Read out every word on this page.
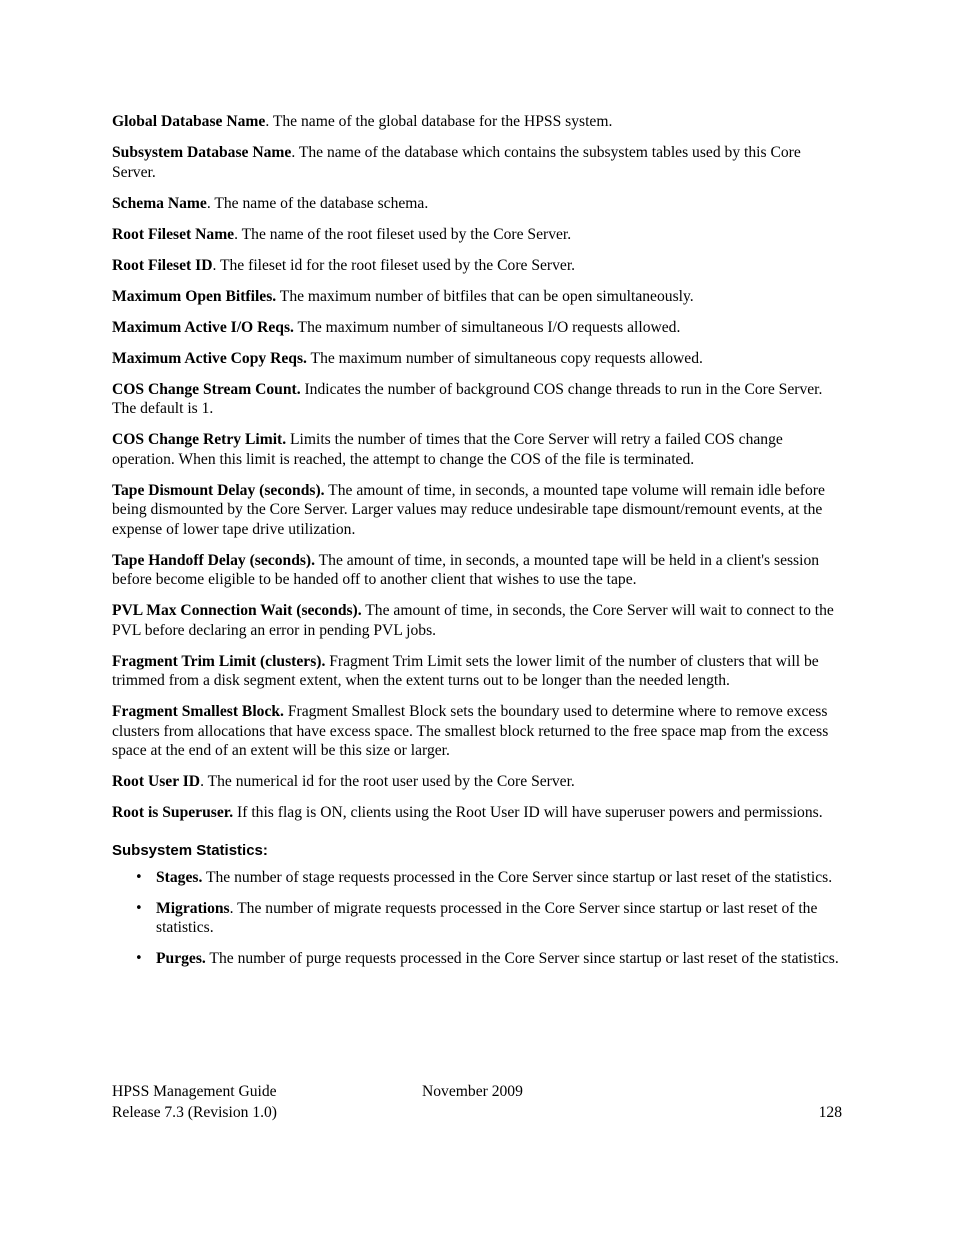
Global Database Name. The name of the global database for the HPSS system.

Subsystem Database Name. The name of the database which contains the subsystem tables used by this Core Server.

Schema Name. The name of the database schema.

Root Fileset Name. The name of the root fileset used by the Core Server.

Root Fileset ID. The fileset id for the root fileset used by the Core Server.

Maximum Open Bitfiles. The maximum number of bitfiles that can be open simultaneously.

Maximum Active I/O Reqs. The maximum number of simultaneous I/O requests allowed.

Maximum Active Copy Reqs. The maximum number of simultaneous copy requests allowed.

COS Change Stream Count. Indicates the number of background COS change threads to run in the Core Server. The default is 1.

COS Change Retry Limit. Limits the number of times that the Core Server will retry a failed COS change operation. When this limit is reached, the attempt to change the COS of the file is terminated.

Tape Dismount Delay (seconds). The amount of time, in seconds, a mounted tape volume will remain idle before being dismounted by the Core Server. Larger values may reduce undesirable tape dismount/remount events, at the expense of lower tape drive utilization.

Tape Handoff Delay (seconds). The amount of time, in seconds, a mounted tape will be held in a client's session before become eligible to be handed off to another client that wishes to use the tape.

PVL Max Connection Wait (seconds). The amount of time, in seconds, the Core Server will wait to connect to the PVL before declaring an error in pending PVL jobs.

Fragment Trim Limit (clusters). Fragment Trim Limit sets the lower limit of the number of clusters that will be trimmed from a disk segment extent, when the extent turns out to be longer than the needed length.

Fragment Smallest Block. Fragment Smallest Block sets the boundary used to determine where to remove excess clusters from allocations that have excess space. The smallest block returned to the free space map from the excess space at the end of an extent will be this size or larger.

Root User ID. The numerical id for the root user used by the Core Server.

Root is Superuser. If this flag is ON, clients using the Root User ID will have superuser powers and permissions.

Subsystem Statistics:
• Stages. The number of stage requests processed in the Core Server since startup or last reset of the statistics.
• Migrations. The number of migrate requests processed in the Core Server since startup or last reset of the statistics.
• Purges. The number of purge requests processed in the Core Server since startup or last reset of the statistics.
HPSS Management Guide	November 2009
Release 7.3 (Revision 1.0)	128
